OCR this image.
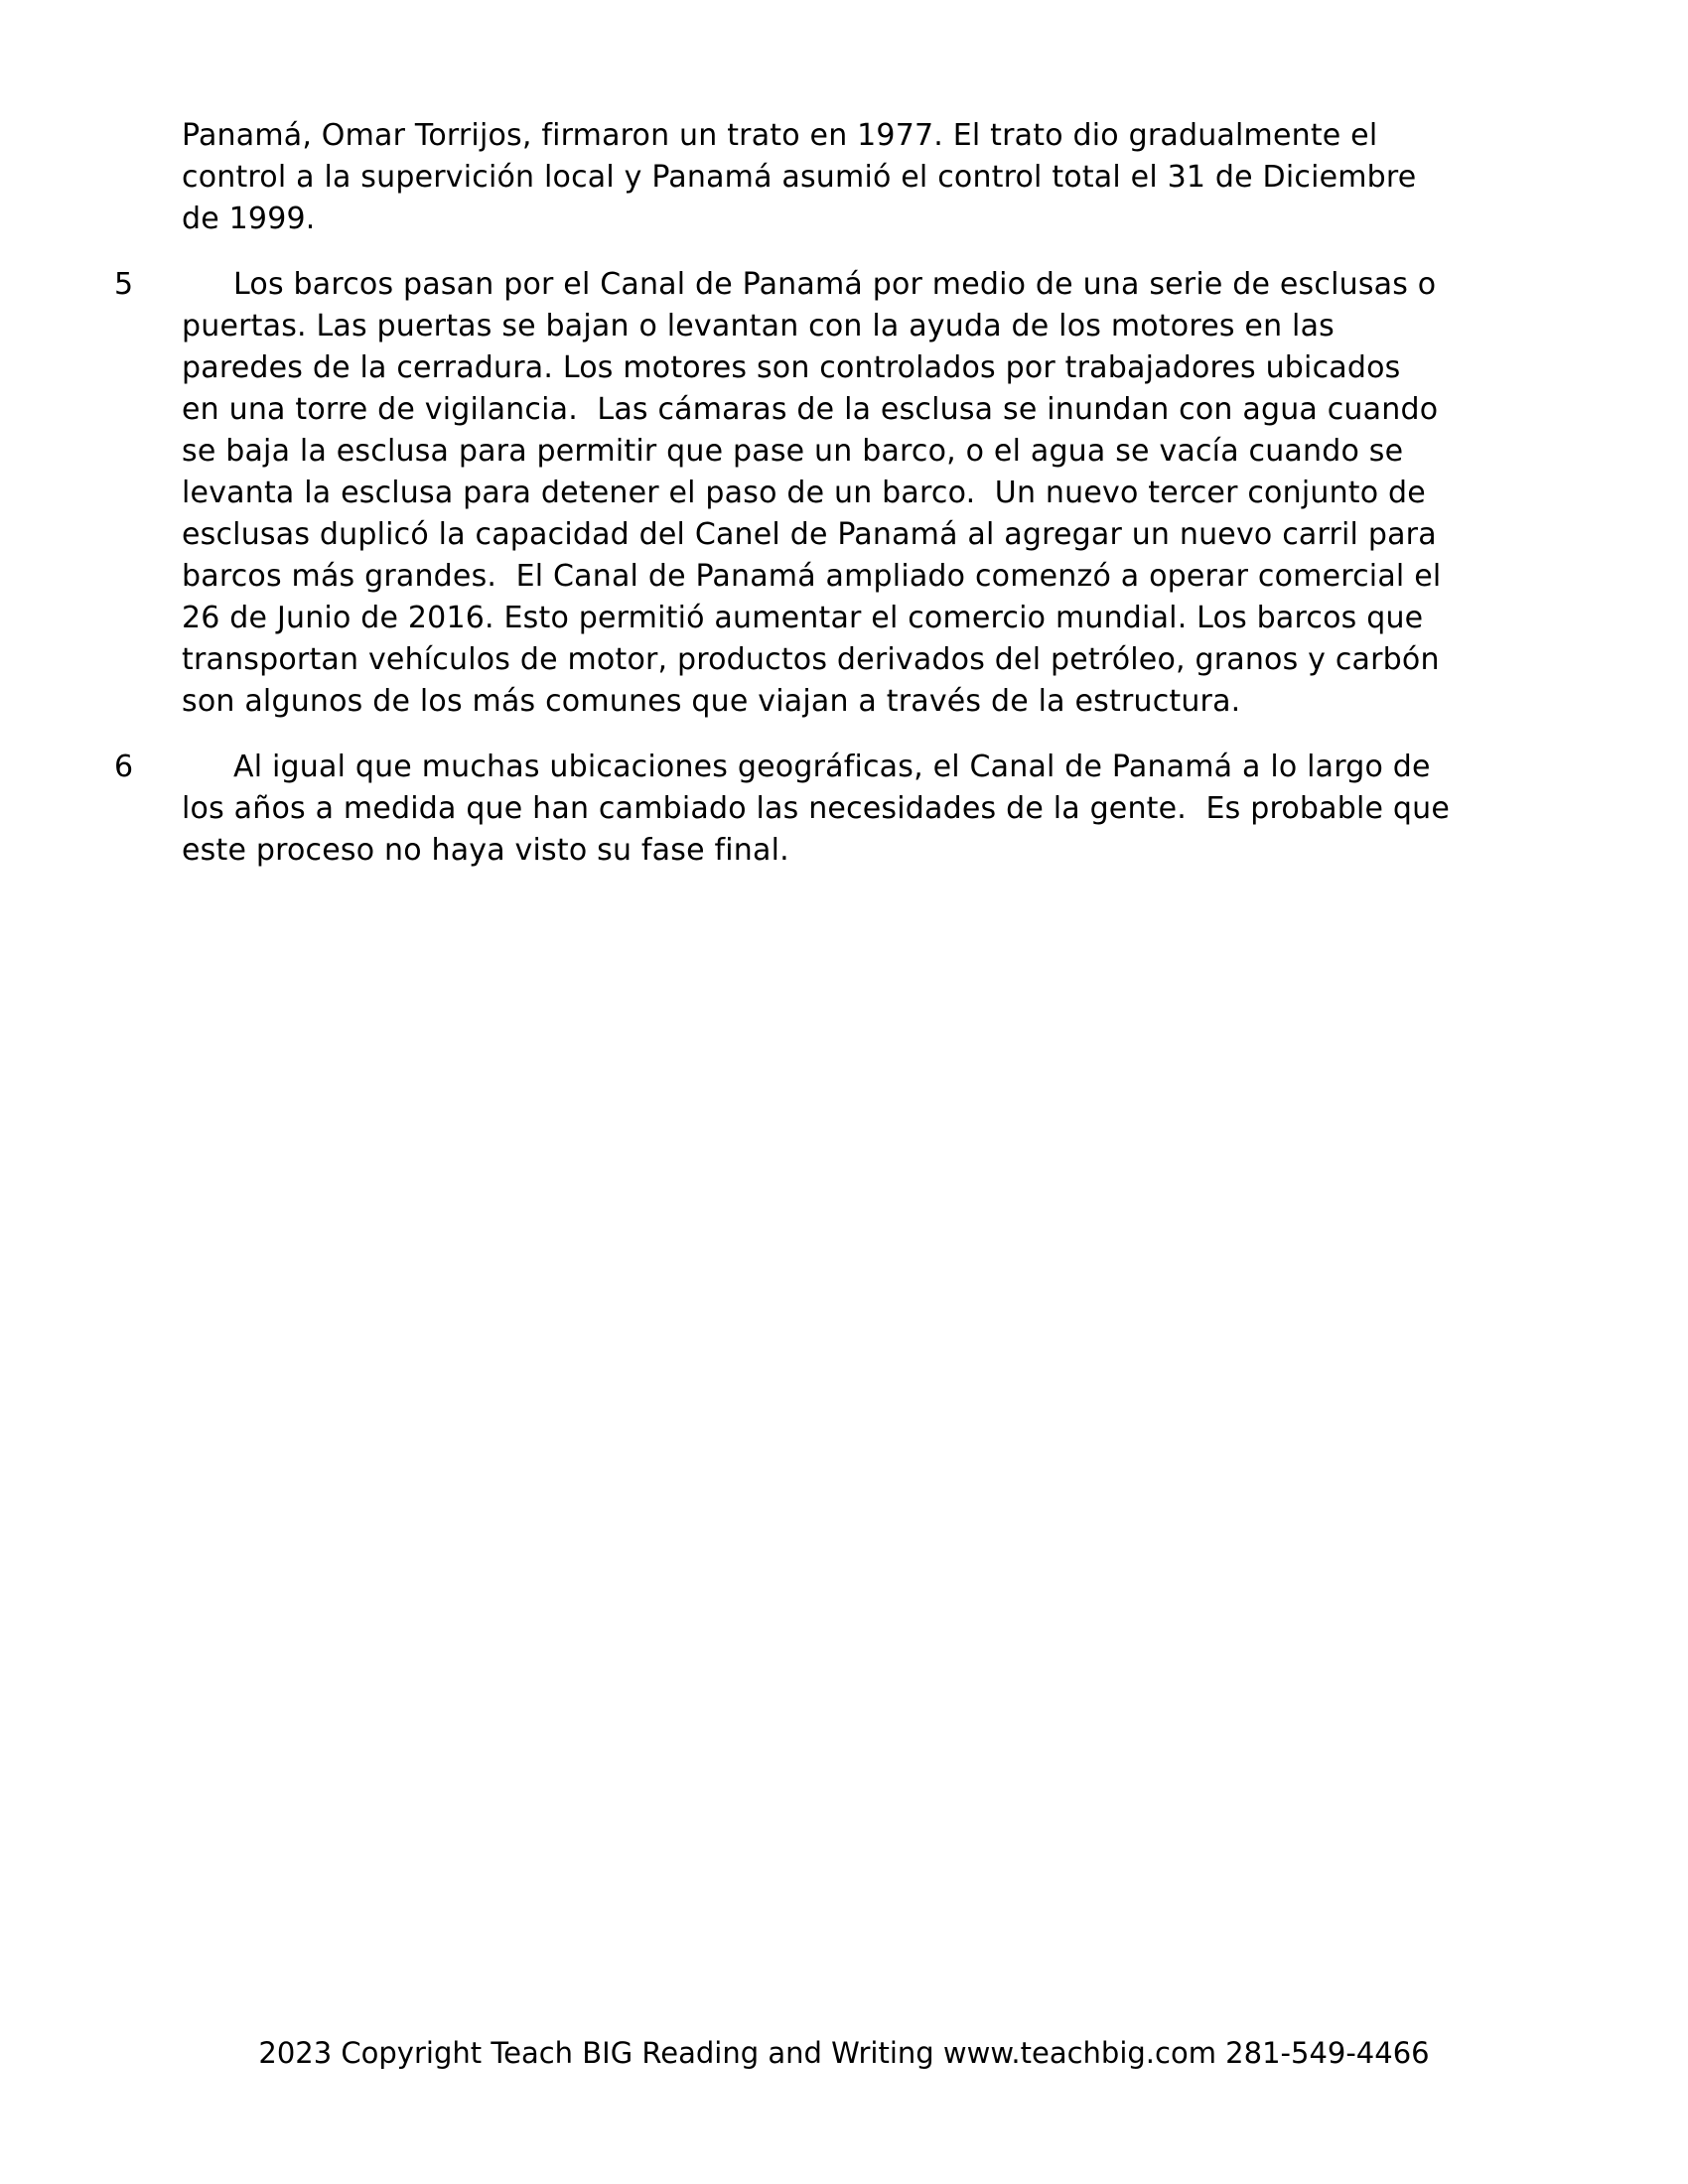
Panamá, Omar Torrijos, firmaron un trato en 1977. El trato dio gradualmente el
control a la supervición local y Panamá asumió el control total el 31 de Diciembre
de 1999.
5	Los barcos pasan por el Canal de Panamá por medio de una serie de esclusas o
puertas. Las puertas se bajan o levantan con la ayuda de los motores en las
paredes de la cerradura. Los motores son controlados por trabajadores ubicados
en una torre de vigilancia.  Las cámaras de la esclusa se inundan con agua cuando
se baja la esclusa para permitir que pase un barco, o el agua se vacía cuando se
levanta la esclusa para detener el paso de un barco.  Un nuevo tercer conjunto de
esclusas duplicó la capacidad del Canel de Panamá al agregar un nuevo carril para
barcos más grandes.  El Canal de Panamá ampliado comenzó a operar comercial el
26 de Junio de 2016. Esto permitió aumentar el comercio mundial. Los barcos que
transportan vehículos de motor, productos derivados del petróleo, granos y carbón
son algunos de los más comunes que viajan a través de la estructura.
6	Al igual que muchas ubicaciones geográficas, el Canal de Panamá a lo largo de
los años a medida que han cambiado las necesidades de la gente.  Es probable que
este proceso no haya visto su fase final.
2023 Copyright Teach BIG Reading and Writing www.teachbig.com 281-549-4466
